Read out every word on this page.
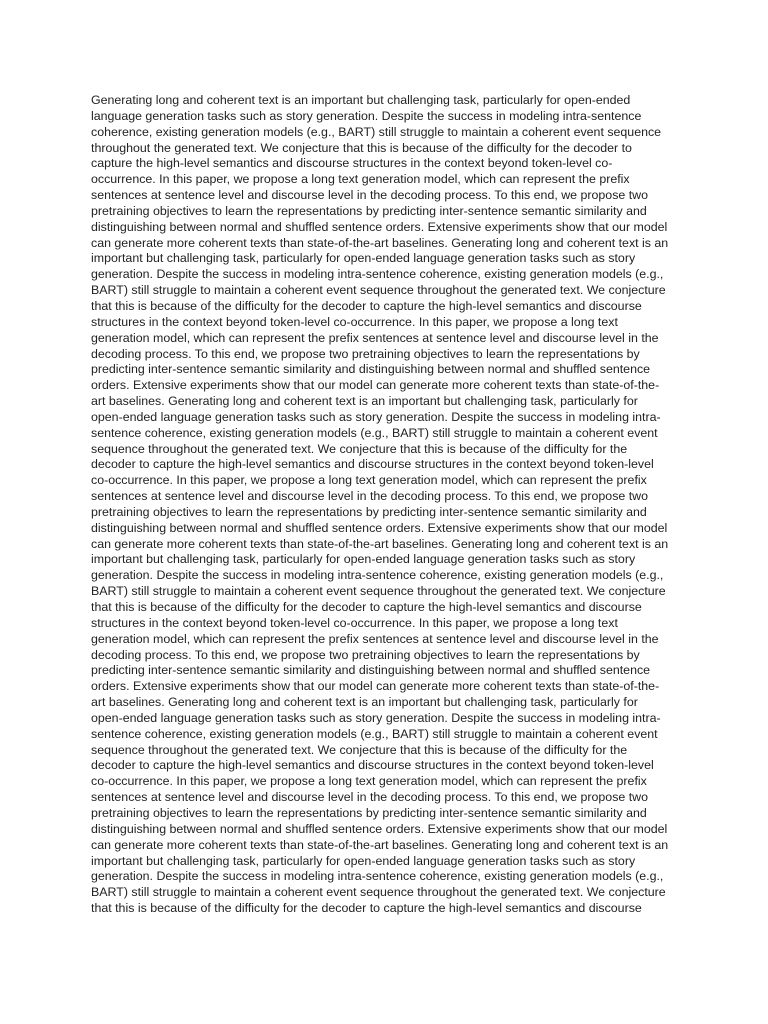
Generating long and coherent text is an important but challenging task, particularly for open-ended
language generation tasks such as story generation. Despite the success in modeling intra-sentence
coherence, existing generation models (e.g., BART) still struggle to maintain a coherent event sequence
throughout the generated text. We conjecture that this is because of the difficulty for the decoder to
capture the high-level semantics and discourse structures in the context beyond token-level co-
occurrence. In this paper, we propose a long text generation model, which can represent the prefix
sentences at sentence level and discourse level in the decoding process. To this end, we propose two
pretraining objectives to learn the representations by predicting inter-sentence semantic similarity and
distinguishing between normal and shuffled sentence orders. Extensive experiments show that our model
can generate more coherent texts than state-of-the-art baselines. Generating long and coherent text is an
important but challenging task, particularly for open-ended language generation tasks such as story
generation. Despite the success in modeling intra-sentence coherence, existing generation models (e.g.,
BART) still struggle to maintain a coherent event sequence throughout the generated text. We conjecture
that this is because of the difficulty for the decoder to capture the high-level semantics and discourse
structures in the context beyond token-level co-occurrence. In this paper, we propose a long text
generation model, which can represent the prefix sentences at sentence level and discourse level in the
decoding process. To this end, we propose two pretraining objectives to learn the representations by
predicting inter-sentence semantic similarity and distinguishing between normal and shuffled sentence
orders. Extensive experiments show that our model can generate more coherent texts than state-of-the-
art baselines. Generating long and coherent text is an important but challenging task, particularly for
open-ended language generation tasks such as story generation. Despite the success in modeling intra-
sentence coherence, existing generation models (e.g., BART) still struggle to maintain a coherent event
sequence throughout the generated text. We conjecture that this is because of the difficulty for the
decoder to capture the high-level semantics and discourse structures in the context beyond token-level
co-occurrence. In this paper, we propose a long text generation model, which can represent the prefix
sentences at sentence level and discourse level in the decoding process. To this end, we propose two
pretraining objectives to learn the representations by predicting inter-sentence semantic similarity and
distinguishing between normal and shuffled sentence orders. Extensive experiments show that our model
can generate more coherent texts than state-of-the-art baselines. Generating long and coherent text is an
important but challenging task, particularly for open-ended language generation tasks such as story
generation. Despite the success in modeling intra-sentence coherence, existing generation models (e.g.,
BART) still struggle to maintain a coherent event sequence throughout the generated text. We conjecture
that this is because of the difficulty for the decoder to capture the high-level semantics and discourse
structures in the context beyond token-level co-occurrence. In this paper, we propose a long text
generation model, which can represent the prefix sentences at sentence level and discourse level in the
decoding process. To this end, we propose two pretraining objectives to learn the representations by
predicting inter-sentence semantic similarity and distinguishing between normal and shuffled sentence
orders. Extensive experiments show that our model can generate more coherent texts than state-of-the-
art baselines. Generating long and coherent text is an important but challenging task, particularly for
open-ended language generation tasks such as story generation. Despite the success in modeling intra-
sentence coherence, existing generation models (e.g., BART) still struggle to maintain a coherent event
sequence throughout the generated text. We conjecture that this is because of the difficulty for the
decoder to capture the high-level semantics and discourse structures in the context beyond token-level
co-occurrence. In this paper, we propose a long text generation model, which can represent the prefix
sentences at sentence level and discourse level in the decoding process. To this end, we propose two
pretraining objectives to learn the representations by predicting inter-sentence semantic similarity and
distinguishing between normal and shuffled sentence orders. Extensive experiments show that our model
can generate more coherent texts than state-of-the-art baselines. Generating long and coherent text is an
important but challenging task, particularly for open-ended language generation tasks such as story
generation. Despite the success in modeling intra-sentence coherence, existing generation models (e.g.,
BART) still struggle to maintain a coherent event sequence throughout the generated text. We conjecture
that this is because of the difficulty for the decoder to capture the high-level semantics and discourse
